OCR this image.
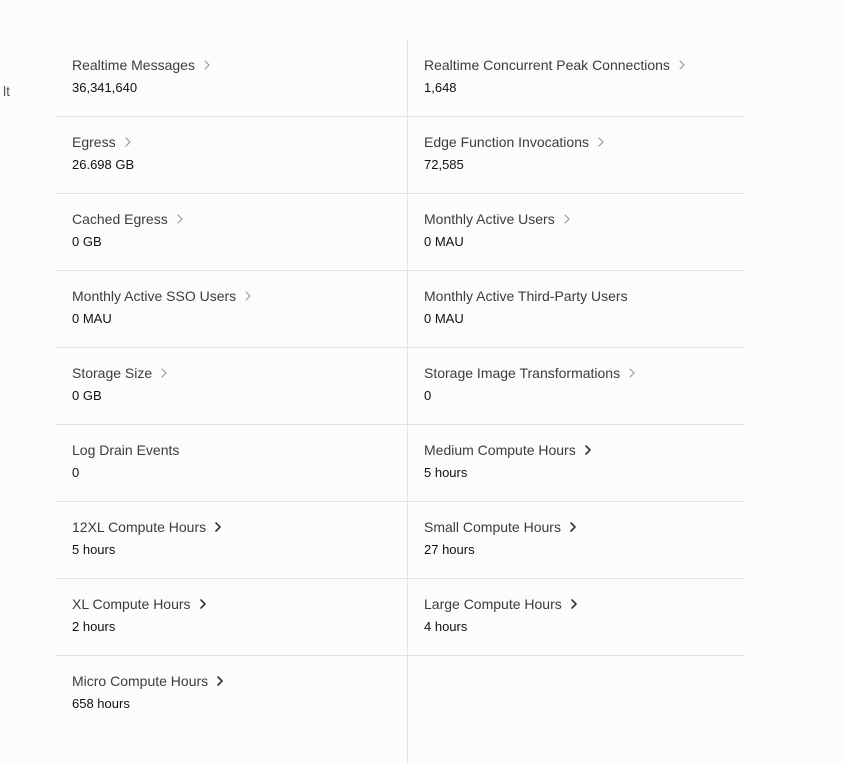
lt
Realtime Messages
36,341,640
Realtime Concurrent Peak Connections
1,648
Egress
26.698 GB
Edge Function Invocations
72,585
Cached Egress
0 GB
Monthly Active Users
0 MAU
Monthly Active SSO Users
0 MAU
Monthly Active Third-Party Users
0 MAU
Storage Size
0 GB
Storage Image Transformations
0
Log Drain Events
0
Medium Compute Hours
5 hours
12XL Compute Hours
5 hours
Small Compute Hours
27 hours
XL Compute Hours
2 hours
Large Compute Hours
4 hours
Micro Compute Hours
658 hours
